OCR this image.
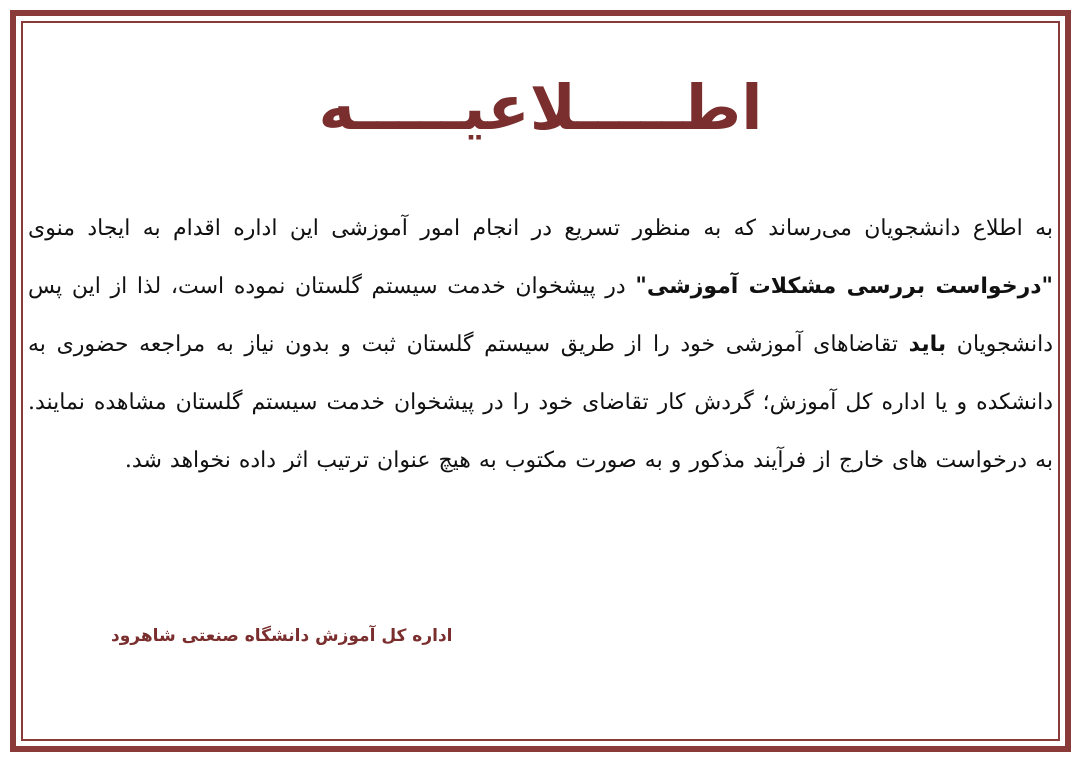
اطـــــلاعیـــــه
به اطلاع دانشجویان می‌رساند که به منظور تسریع در انجام امور آموزشی این اداره اقدام به ایجاد منوی "درخواست بررسی مشکلات آموزشی" در پیشخوان خدمت سیستم گلستان نموده است، لذا از این پس دانشجویان باید تقاضاهای آموزشی خود را از طریق سیستم گلستان ثبت و بدون نیاز به مراجعه حضوری به دانشکده و یا اداره کل آموزش؛ گردش کار تقاضای خود را در پیشخوان خدمت سیستم گلستان مشاهده نمایند. به درخواست های خارج از فرآیند مذکور و به صورت مکتوب به هیچ عنوان ترتیب اثر داده نخواهد شد.
اداره کل آموزش دانشگاه صنعتی شاهرود
